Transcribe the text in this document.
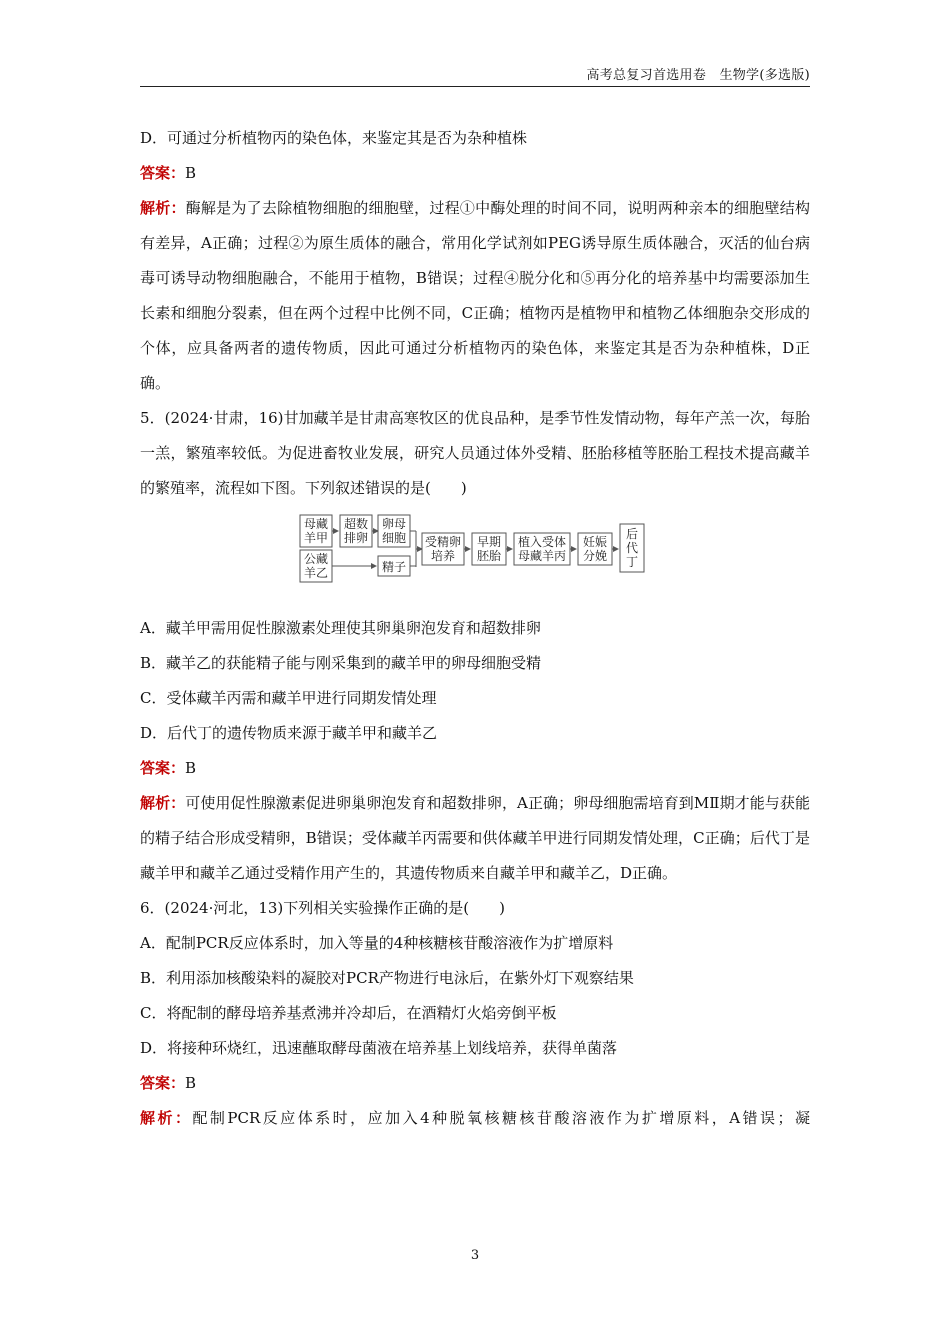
高考总复习首选用卷　生物学(多选版)

D．可通过分析植物丙的染色体，来鉴定其是否为杂种植株

答案：B

解析：酶解是为了去除植物细胞的细胞壁，过程①中酶处理的时间不同，说明两种亲本的细胞壁结构有差异，A正确；过程②为原生质体的融合，常用化学试剂如PEG诱导原生质体融合，灭活的仙台病毒可诱导动物细胞融合，不能用于植物，B错误；过程④脱分化和⑤再分化的培养基中均需要添加生长素和细胞分裂素，但在两个过程中比例不同，C正确；植物丙是植物甲和植物乙体细胞杂交形成的个体，应具备两者的遗传物质，因此可通过分析植物丙的染色体，来鉴定其是否为杂种植株，D正确。

5．(2024·甘肃，16)甘加藏羊是甘肃高寒牧区的优良品种，是季节性发情动物，每年产羔一次，每胎一羔，繁殖率较低。为促进畜牧业发展，研究人员通过体外受精、胚胎移植等胚胎工程技术提高藏羊的繁殖率，流程如下图。下列叙述错误的是(　　)

母藏
羊甲
超数
排卵
卵母
细胞
公藏
羊乙	精子
受精卵
培养
早期
胚胎
植入受体
母藏羊丙
妊娠
分娩
后
代
丁

A．藏羊甲需用促性腺激素处理使其卵巢卵泡发育和超数排卵

B．藏羊乙的获能精子能与刚采集到的藏羊甲的卵母细胞受精

C．受体藏羊丙需和藏羊甲进行同期发情处理

D．后代丁的遗传物质来源于藏羊甲和藏羊乙

答案：B

解析：可使用促性腺激素促进卵巢卵泡发育和超数排卵，A正确；卵母细胞需培育到MⅡ期才能与获能的精子结合形成受精卵，B错误；受体藏羊丙需要和供体藏羊甲进行同期发情处理，C正确；后代丁是藏羊甲和藏羊乙通过受精作用产生的，其遗传物质来自藏羊甲和藏羊乙，D正确。

6．(2024·河北，13)下列相关实验操作正确的是(　　)

A．配制PCR反应体系时，加入等量的4种核糖核苷酸溶液作为扩增原料

B．利用添加核酸染料的凝胶对PCR产物进行电泳后，在紫外灯下观察结果

C．将配制的酵母培养基煮沸并冷却后，在酒精灯火焰旁倒平板

D．将接种环烧红，迅速蘸取酵母菌液在培养基上划线培养，获得单菌落

答案：B

解析：配制PCR反应体系时，应加入4种脱氧核糖核苷酸溶液作为扩增原料，A错误；凝

3
